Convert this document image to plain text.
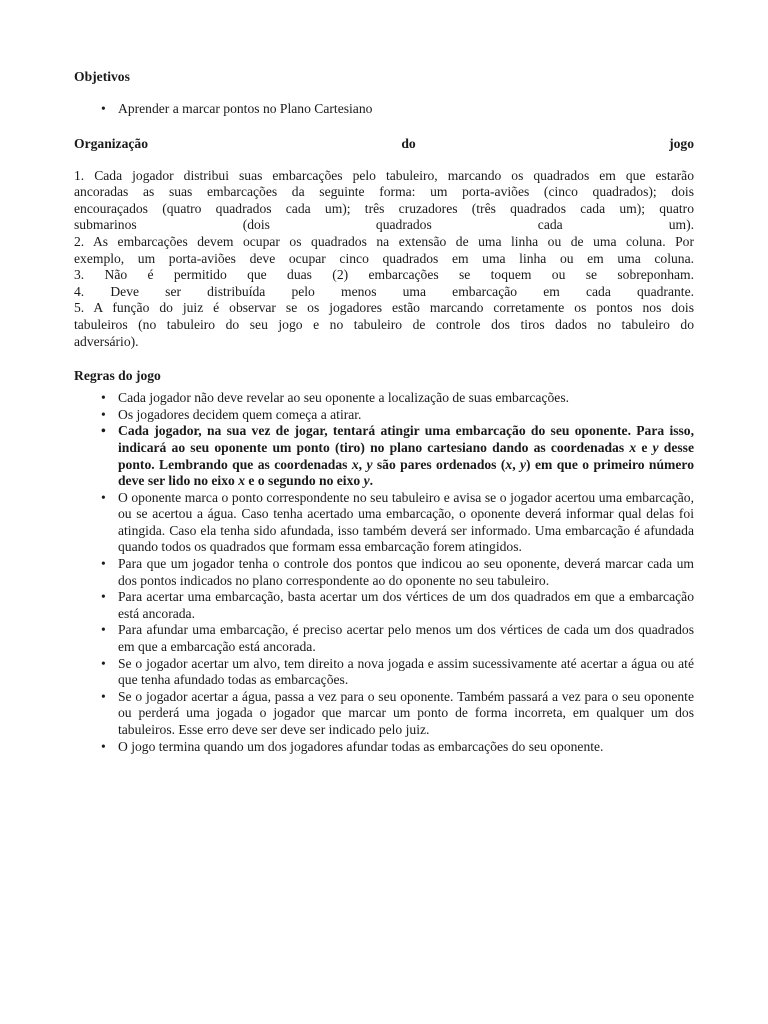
Objetivos

• Aprender a marcar pontos no Plano Cartesiano
Organização	do	jogo

1. Cada jogador distribui suas embarcações pelo tabuleiro, marcando os quadrados em que estarão

ancoradas as suas embarcações da seguinte forma: um porta-aviões (cinco quadrados); dois

encouraçados (quatro quadrados cada um); três cruzadores (três quadrados cada um); quatro

submarinos (dois quadrados cada um).

2. As embarcações devem ocupar os quadrados na extensão de uma linha ou de uma coluna. Por

exemplo, um porta-aviões deve ocupar cinco quadrados em uma linha ou em uma coluna.

3. Não é permitido que duas (2) embarcações se toquem ou se sobreponham.

4. Deve ser distribuída pelo menos uma embarcação em cada quadrante.

5. A função do juiz é observar se os jogadores estão marcando corretamente os pontos nos dois

tabuleiros (no tabuleiro do seu jogo e no tabuleiro de controle dos tiros dados no tabuleiro do

adversário).

Regras do jogo

• Cada jogador não deve revelar ao seu oponente a localização de suas embarcações.
• Os jogadores decidem quem começa a atirar.
• Cada jogador, na sua vez de jogar, tentará atingir uma embarcação do seu oponente. Para isso, indicará ao seu oponente um ponto (tiro) no plano cartesiano dando as coordenadas x e y desse ponto. Lembrando que as coordenadas x, y são pares ordenados (x, y) em que o primeiro número deve ser lido no eixo x e o segundo no eixo y.
• O oponente marca o ponto correspondente no seu tabuleiro e avisa se o jogador acertou uma embarcação, ou se acertou a água. Caso tenha acertado uma embarcação, o oponente deverá informar qual delas foi atingida. Caso ela tenha sido afundada, isso também deverá ser informado. Uma embarcação é afundada quando todos os quadrados que formam essa embarcação forem atingidos.
• Para que um jogador tenha o controle dos pontos que indicou ao seu oponente, deverá marcar cada um dos pontos indicados no plano correspondente ao do oponente no seu tabuleiro.
• Para acertar uma embarcação, basta acertar um dos vértices de um dos quadrados em que a embarcação está ancorada.
• Para afundar uma embarcação, é preciso acertar pelo menos um dos vértices de cada um dos quadrados em que a embarcação está ancorada.
• Se o jogador acertar um alvo, tem direito a nova jogada e assim sucessivamente até acertar a água ou até que tenha afundado todas as embarcações.
• Se o jogador acertar a água, passa a vez para o seu oponente. Também passará a vez para o seu oponente ou perderá uma jogada o jogador que marcar um ponto de forma incorreta, em qualquer um dos tabuleiros. Esse erro deve ser deve ser indicado pelo juiz.
• O jogo termina quando um dos jogadores afundar todas as embarcações do seu oponente.
